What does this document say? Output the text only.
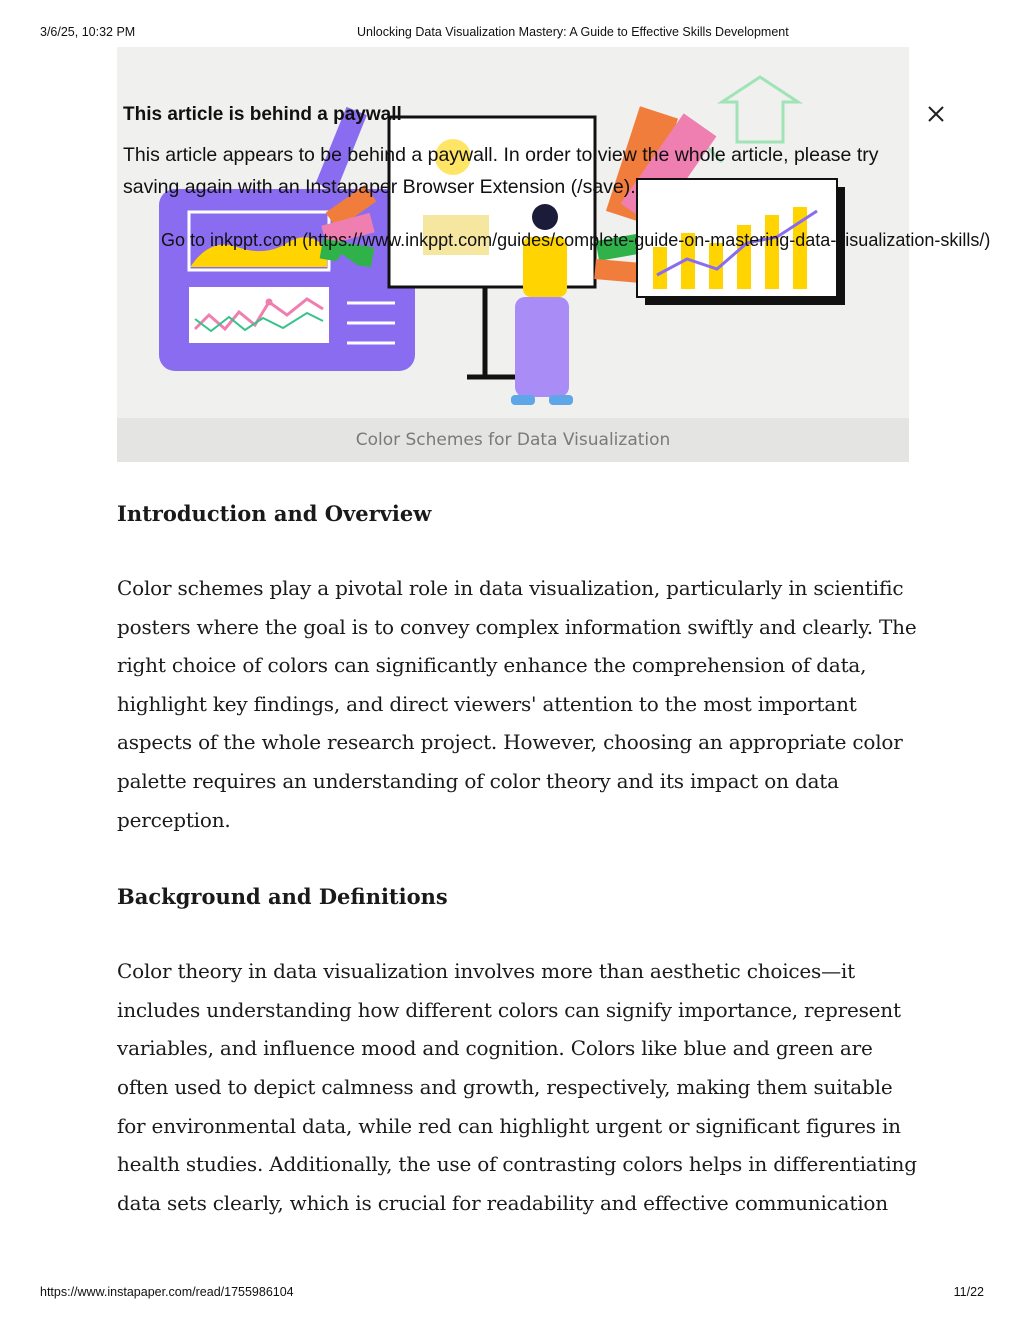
3/6/25, 10:32 PM	Unlocking Data Visualization Mastery: A Guide to Effective Skills Development
Color Schemes for Data Visualization
This article is behind a paywall
This article appears to be behind a paywall. In order to view the whole article, please try saving again with an Instapaper Browser Extension (/save).
Go to inkppt.com (https://www.inkppt.com/guides/complete-guide-on-mastering-data-visualization-skills/)
Introduction and Overview

Color schemes play a pivotal role in data visualization, particularly in scientific posters where the goal is to convey complex information swiftly and clearly. The right choice of colors can significantly enhance the comprehension of data, highlight key findings, and direct viewers' attention to the most important aspects of the whole research project. However, choosing an appropriate color palette requires an understanding of color theory and its impact on data perception.

Background and Definitions

Color theory in data visualization involves more than aesthetic choices—it includes understanding how different colors can signify importance, represent variables, and influence mood and cognition. Colors like blue and green are often used to depict calmness and growth, respectively, making them suitable for environmental data, while red can highlight urgent or significant figures in health studies. Additionally, the use of contrasting colors helps in differentiating data sets clearly, which is crucial for readability and effective communication

https://www.instapaper.com/read/1755986104	11/22
